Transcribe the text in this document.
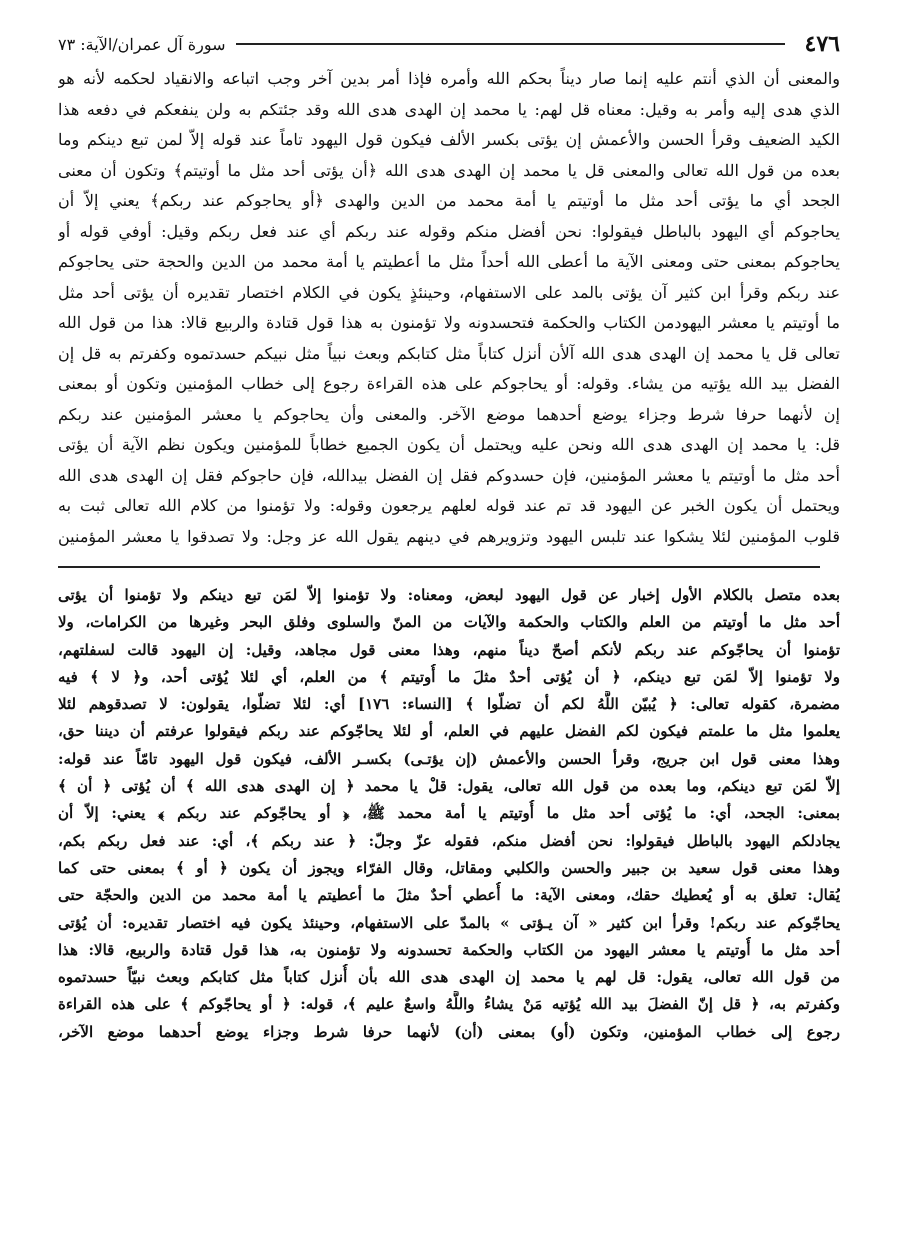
٤٧٦
سورة آل عمران/الآية: ٧٣
والمعنى أن الذي أنتم عليه إنما صار ديناً بحكم الله وأمره فإذا أمر بدين آخر وجب اتباعه والانقياد لحكمه لأنه هو
الذي هدى إليه وأمر به وقيل: معناه قل لهم: يا محمد إن الهدى هدى الله وقد جئتكم به ولن ينفعكم في دفعه هذا
الكيد الضعيف وقرأ الحسن والأعمش إن يؤتى بكسر الألف فيكون قول اليهود تاماً عند قوله إلاّ لمن تبع دينكم وما
بعده من قول الله تعالى والمعنى قل يا محمد إن الهدى هدى الله ﴿أن يؤتى أحد مثل ما أوتيتم﴾ وتكون أن معنى
الجحد أي ما يؤتى أحد مثل ما أوتيتم يا أمة محمد من الدين والهدى ﴿أو يحاجوكم عند ربكم﴾ يعني إلاّ أن
يحاجوكم أي اليهود بالباطل فيقولوا: نحن أفضل منكم وقوله عند ربكم أي عند فعل ربكم وقيل: أوفي قوله أو
يحاجوكم بمعنى حتى ومعنى الآية ما أعطى الله أحداً مثل ما أعطيتم يا أمة محمد من الدين والحجة حتى يحاجوكم
عند ربكم وقرأ ابن كثير آن يؤتى بالمد على الاستفهام، وحينئذٍ يكون في الكلام اختصار تقديره أن يؤتى أحد مثل
ما أوتيتم يا معشر اليهودمن الكتاب والحكمة فتحسدونه ولا تؤمنون به هذا قول قتادة والربيع قالا: هذا من قول الله
تعالى قل يا محمد إن الهدى هدى الله آلأن أنزل كتاباً مثل كتابكم وبعث نبياً مثل نبيكم حسدتموه وكفرتم به قل إن
الفضل بيد الله يؤتيه من يشاء. وقوله: أو يحاجوكم على هذه القراءة رجوع إلى خطاب المؤمنين وتكون أو بمعنى
إن لأنهما حرفا شرط وجزاء يوضع أحدهما موضع الآخر. والمعنى وأن يحاجوكم يا معشر المؤمنين عند ربكم
قل: يا محمد إن الهدى هدى الله ونحن عليه ويحتمل أن يكون الجميع خطاباً للمؤمنين ويكون نظم الآية أن يؤتى
أحد مثل ما أوتيتم يا معشر المؤمنين، فإن حسدوكم فقل إن الفضل بيدالله، فإن حاجوكم فقل إن الهدى هدى الله
ويحتمل أن يكون الخبر عن اليهود قد تم عند قوله لعلهم يرجعون وقوله: ولا تؤمنوا من كلام الله تعالى ثبت به
قلوب المؤمنين لئلا يشكوا عند تلبس اليهود وتزويرهم في دينهم يقول الله عز وجل: ولا تصدقوا يا معشر المؤمنين
بعده متصل بالكلام الأول إخبار عن قول اليهود لبعض، ومعناه: ولا تؤمنوا إلاّ لمَن تبع دينكم ولا تؤمنوا أن يؤتى
أحد مثل ما أوتيتم من العلم والكتاب والحكمة والآيات من المنّ والسلوى وفلق البحر وغيرها من الكرامات، ولا
تؤمنوا أن يحاجّوكم عند ربكم لأنكم أصحّ ديناً منهم، وهذا معنى قول مجاهد، وقيل: إن اليهود قالت لسفلتهم،
ولا تؤمنوا إلاّ لمَن تبع دينكم، ﴿ أن يُؤتى أحدٌ مثلَ ما أُوتيتم ﴾ من العلم، أي لئلا يُؤتى أحد، و﴿ لا ﴾ فيه
مضمرة، كقوله تعالى: ﴿ يُبيّن اللَّهُ لكم أن تضلّوا ﴾ [النساء: ١٧٦] أي: لئلا تضلّوا، يقولون: لا تصدقوهم لئلا
يعلموا مثل ما علمتم فيكون لكم الفضل عليهم في العلم، أو لئلا يحاجّوكم عند ربكم فيقولوا عرفتم أن ديننا حق،
وهذا معنى قول ابن جريج، وقرأ الحسن والأعمش (إن يؤتـى) بكسـر الألف، فيكون قول اليهود تامّاً عند قوله:
إلاّ لمَن تبع دينكم، وما بعده من قول الله تعالى، يقول: قلْ يا محمد ﴿ إن الهدى هدى الله ﴾ أن يُؤتى ﴿ أن ﴾
بمعنى: الجحد، أي: ما يُؤتى أحد مثل ما أُوتيتم يا أمة محمد ﷺ، ﴿ أو يحاجّوكم عند ربكم ﴾ يعني: إلاّ أن
يجادلكم اليهود بالباطل فيقولوا: نحن أفضل منكم، فقوله عزّ وجلّ: ﴿ عند ربكم ﴾، أي: عند فعل ربكم بكم،
وهذا معنى قول سعيد بن جبير والحسن والكلبي ومقاتل، وقال الفرّاء ويجوز أن يكون ﴿ أو ﴾ بمعنى حتى كما
يُقال: تعلق به أو يُعطيك حقك، ومعنى الآية: ما أُعطي أحدٌ مثلَ ما أعطيتم يا أمة محمد من الدين والحجّة حتى
يحاجّوكم عند ربكم! وقرأ ابن كثير « آن يـؤتى » بالمدّ على الاستفهام، وحينئذ يكون فيه اختصار تقديره: أن يُؤتى
أحد مثل ما أُوتيتم يا معشر اليهود من الكتاب والحكمة تحسدونه ولا تؤمنون به، هذا قول قتادة والربيع، قالا: هذا
من قول الله تعالى، يقول: قل لهم يا محمد إن الهدى هدى الله بأن أُنزل كتاباً مثل كتابكم وبعث نبيّاً حسدتموه
وكفرتم به، ﴿ قل إنّ الفضلَ بيد الله يُؤتيه مَنْ يشاءُ واللَّهُ واسعٌ عليم ﴾، قوله: ﴿ أو يحاجّوكم ﴾ على هذه القراءة
رجوع إلى خطاب المؤمنين، وتكون (أو) بمعنى (أن) لأنهما حرفا شرط وجزاء يوضع أحدهما موضع الآخر،
